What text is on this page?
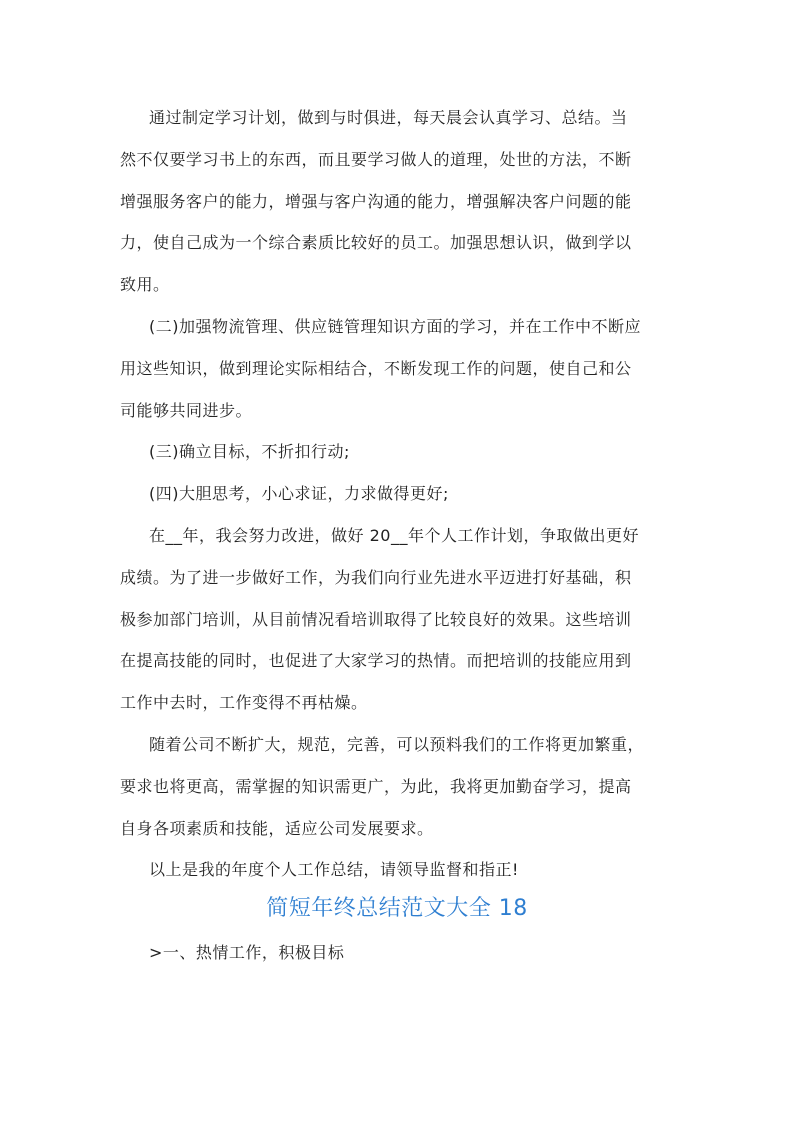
通过制定学习计划，做到与时俱进，每天晨会认真学习、总结。当
然不仅要学习书上的东西，而且要学习做人的道理，处世的方法，不断
增强服务客户的能力，增强与客户沟通的能力，增强解决客户问题的能
力，使自己成为一个综合素质比较好的员工。加强思想认识，做到学以
致用。
(二)加强物流管理、供应链管理知识方面的学习，并在工作中不断应
用这些知识，做到理论实际相结合，不断发现工作的问题，使自己和公
司能够共同进步。
(三)确立目标，不折扣行动;
(四)大胆思考，小心求证，力求做得更好;
在__年，我会努力改进，做好 20__年个人工作计划，争取做出更好
成绩。为了进一步做好工作，为我们向行业先进水平迈进打好基础，积
极参加部门培训，从目前情况看培训取得了比较良好的效果。这些培训
在提高技能的同时，也促进了大家学习的热情。而把培训的技能应用到
工作中去时，工作变得不再枯燥。
随着公司不断扩大，规范，完善，可以预料我们的工作将更加繁重，
要求也将更高，需掌握的知识需更广，为此，我将更加勤奋学习，提高
自身各项素质和技能，适应公司发展要求。
以上是我的年度个人工作总结，请领导监督和指正!
简短年终总结范文大全 18
>一、热情工作，积极目标
